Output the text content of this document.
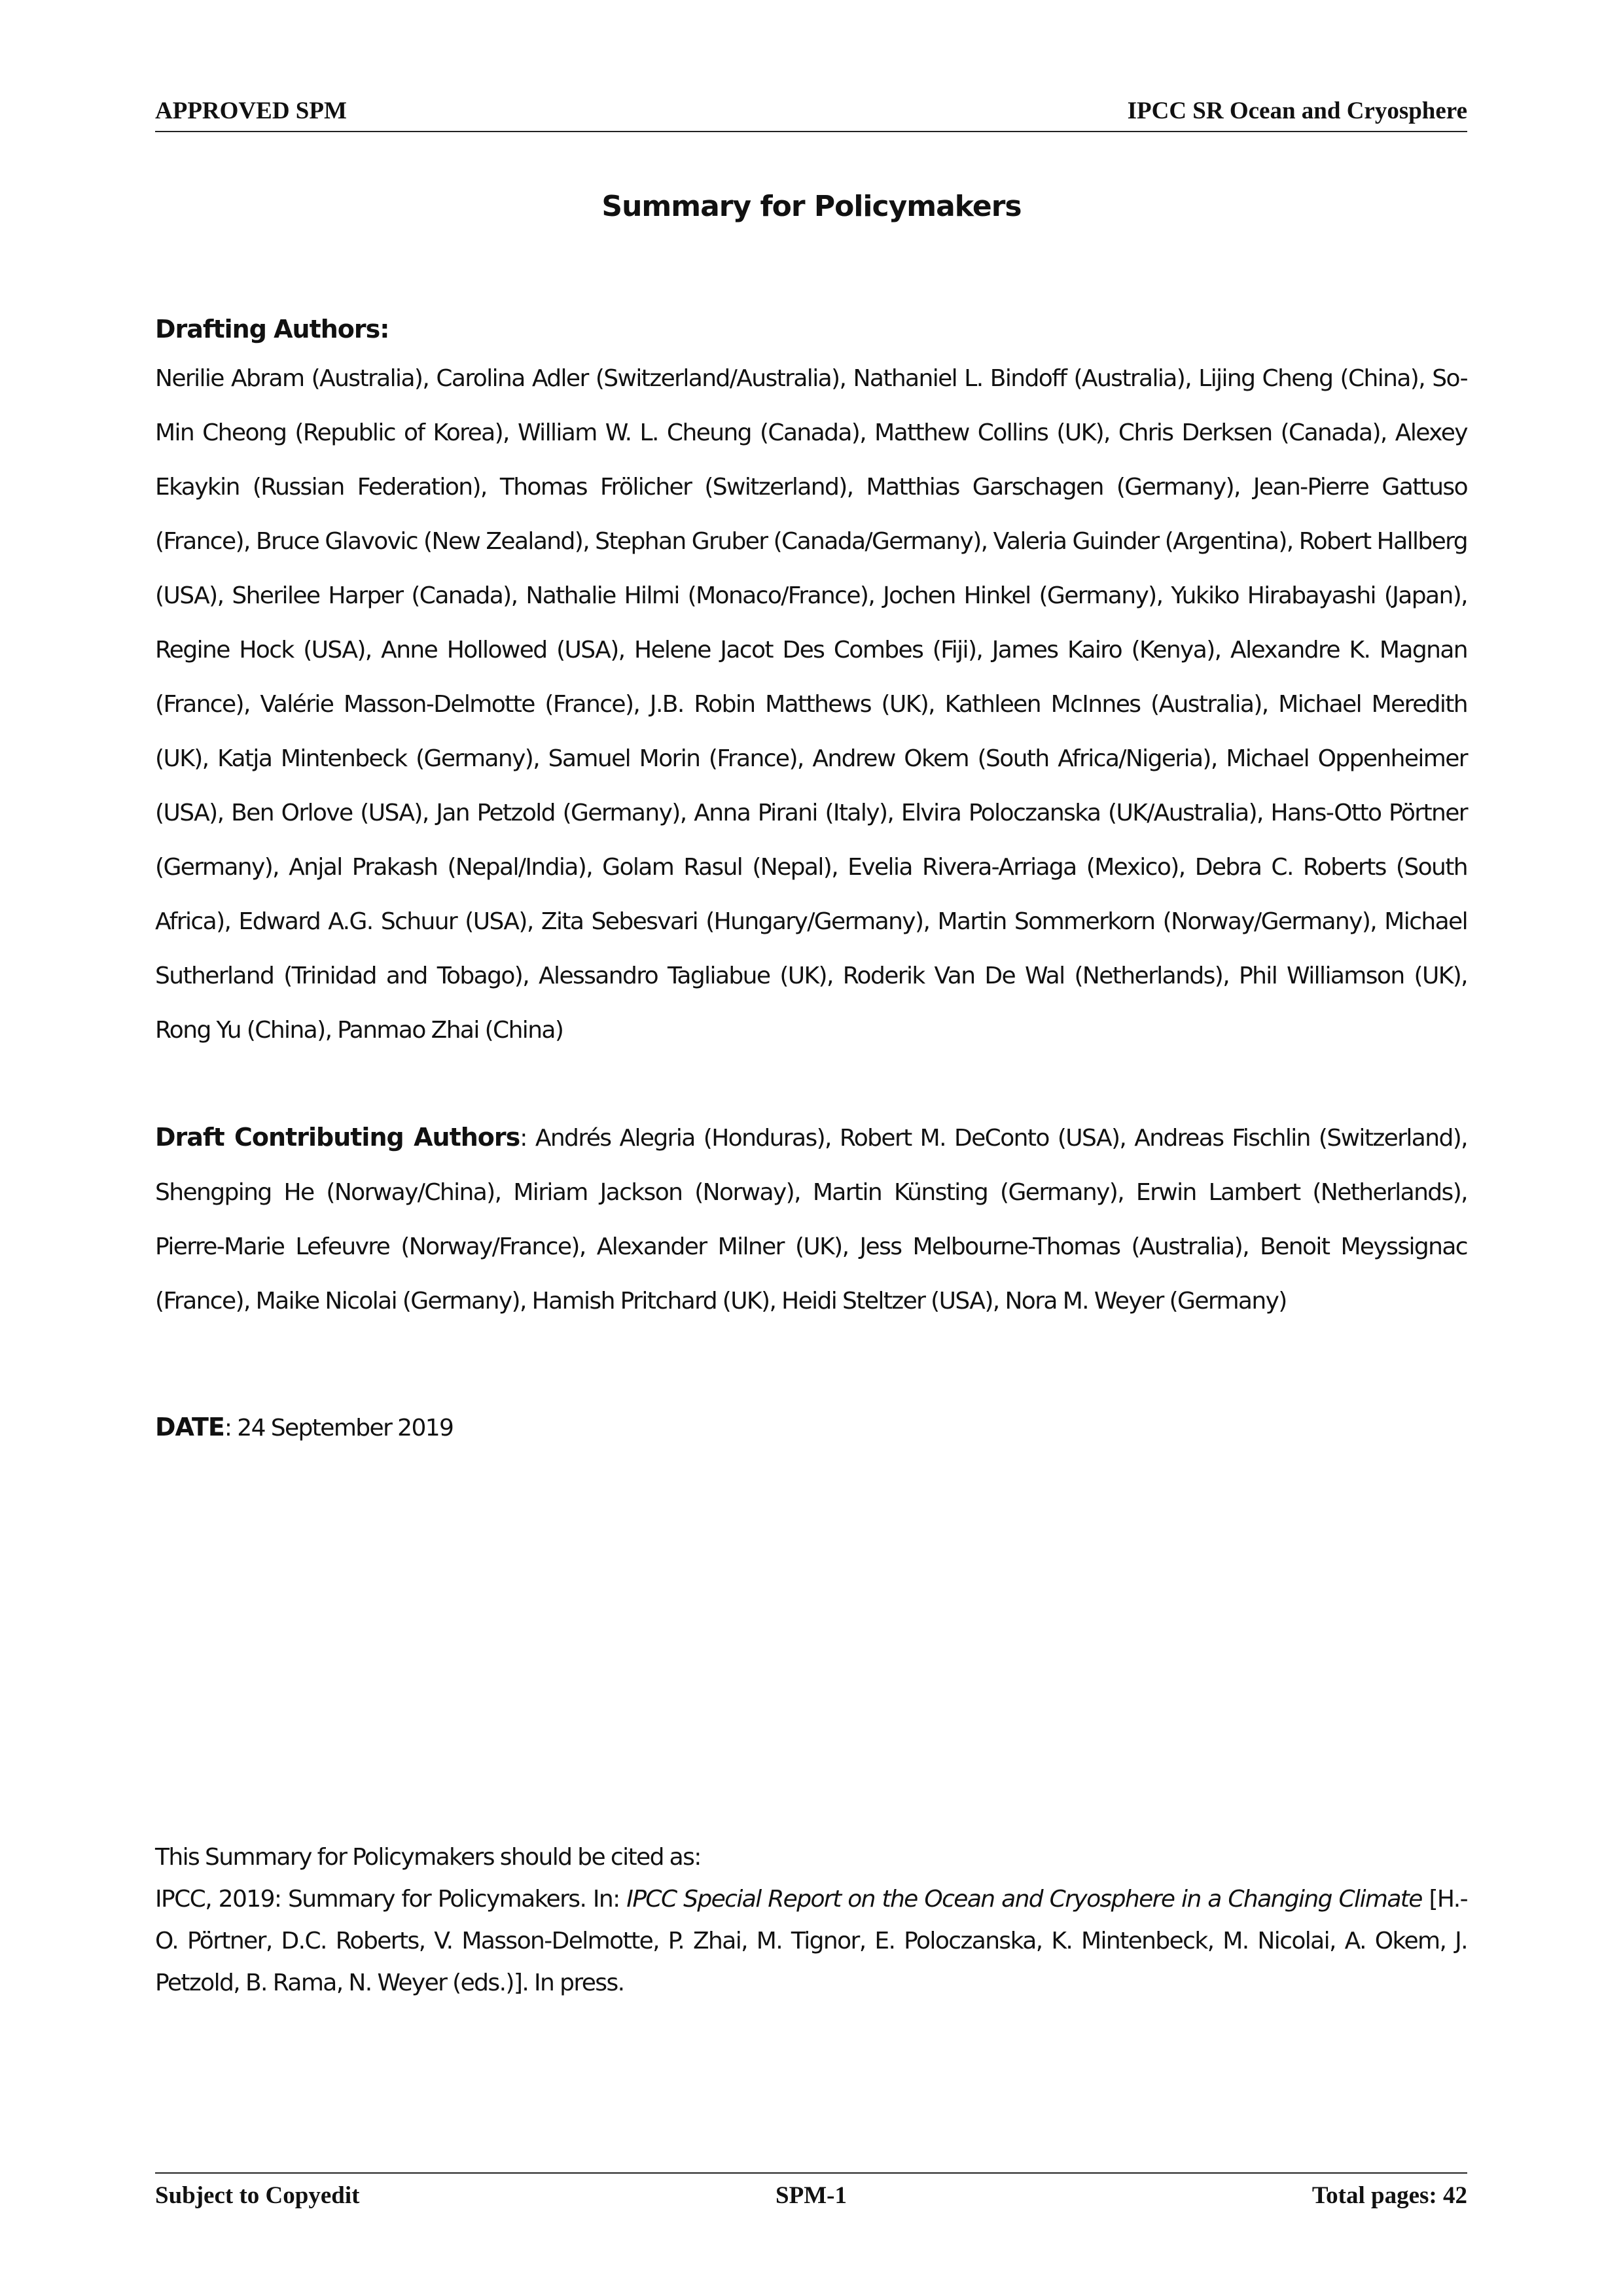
APPROVED SPM	IPCC SR Ocean and Cryosphere
Summary for Policymakers
Drafting Authors:
Nerilie Abram (Australia), Carolina Adler (Switzerland/Australia), Nathaniel L. Bindoff (Australia), Lijing Cheng (China), So-Min Cheong (Republic of Korea), William W. L. Cheung (Canada), Matthew Collins (UK), Chris Derksen (Canada), Alexey Ekaykin (Russian Federation), Thomas Frölicher (Switzerland), Matthias Garschagen (Germany), Jean-Pierre Gattuso (France), Bruce Glavovic (New Zealand), Stephan Gruber (Canada/Germany), Valeria Guinder (Argentina), Robert Hallberg (USA), Sherilee Harper (Canada), Nathalie Hilmi (Monaco/France), Jochen Hinkel (Germany), Yukiko Hirabayashi (Japan), Regine Hock (USA), Anne Hollowed (USA), Helene Jacot Des Combes (Fiji), James Kairo (Kenya), Alexandre K. Magnan (France), Valérie Masson-Delmotte (France), J.B. Robin Matthews (UK), Kathleen McInnes (Australia), Michael Meredith (UK), Katja Mintenbeck (Germany), Samuel Morin (France), Andrew Okem (South Africa/Nigeria), Michael Oppenheimer (USA), Ben Orlove (USA), Jan Petzold (Germany), Anna Pirani (Italy), Elvira Poloczanska (UK/Australia), Hans-Otto Pörtner (Germany), Anjal Prakash (Nepal/India), Golam Rasul (Nepal), Evelia Rivera-Arriaga (Mexico), Debra C. Roberts (South Africa), Edward A.G. Schuur (USA), Zita Sebesvari (Hungary/Germany), Martin Sommerkorn (Norway/Germany), Michael Sutherland (Trinidad and Tobago), Alessandro Tagliabue (UK), Roderik Van De Wal (Netherlands), Phil Williamson (UK), Rong Yu (China), Panmao Zhai (China)
Draft Contributing Authors: Andrés Alegria (Honduras), Robert M. DeConto (USA), Andreas Fischlin (Switzerland), Shengping He (Norway/China), Miriam Jackson (Norway), Martin Künsting (Germany), Erwin Lambert (Netherlands), Pierre-Marie Lefeuvre (Norway/France), Alexander Milner (UK), Jess Melbourne-Thomas (Australia), Benoit Meyssignac (France), Maike Nicolai (Germany), Hamish Pritchard (UK), Heidi Steltzer (USA), Nora M. Weyer (Germany)
DATE: 24 September 2019
This Summary for Policymakers should be cited as:
IPCC, 2019: Summary for Policymakers. In: IPCC Special Report on the Ocean and Cryosphere in a Changing Climate [H.-O. Pörtner, D.C. Roberts, V. Masson-Delmotte, P. Zhai, M. Tignor, E. Poloczanska, K. Mintenbeck, M. Nicolai, A. Okem, J. Petzold, B. Rama, N. Weyer (eds.)]. In press.
Subject to Copyedit	SPM-1	Total pages: 42
